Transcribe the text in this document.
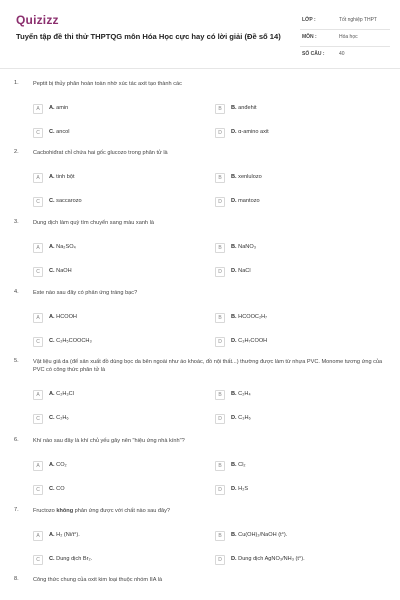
Quizizz
Tuyển tập đề thi thử THPTQG môn Hóa Học cực hay có lời giải (Đề số 14)
LỚP :	Tốt nghiệp THPT
MÔN :	Hóa học
SỐ CÂU :	40
1.	Peptit bị thủy phân hoàn toàn nhờ xúc tác axit tạo thành các
A	A. amin	B	B. anđehit
C	C. ancol	D	D. α-amino axit
2.	Cacbohiđrat chỉ chứa hai gốc glucozo trong phân tử là
A	A. tinh bột	B	B. xenlulozo
C	C. saccarozo	D	D. mantozo
3.	Dung dịch làm quỳ tím chuyển sang màu xanh là
A	A. Na₂SO₄	B	B. NaNO₃
C	C. NaOH	D	D. NaCl
4.	Este nào sau đây có phản ứng tráng bạc?
A	A. HCOOH	B	B. HCOOC₂H₇
C	C. C₂H₅COOCH₃	D	D. C₃H₇COOH
5.	Vật liệu giả da (để sản xuất đồ dùng bọc da bên ngoài như áo khoác, đồ nội thất...) thường được làm từ nhựa PVC. Monome tương ứng của PVC có công thức phân tử là
A	A. C₂H₃Cl	B	B. C₂H₄
C	C. C₂H₆	D	D. C₃H₆
6.	Khí nào sau đây là khí chủ yếu gây nên "hiệu ứng nhà kính"?
A	A. CO₂	B	B. Cl₂
C	C. CO	D	D. H₂S
7.	Fructozo không phản ứng được với chất nào sau đây?
A	A. H₂ (Ni/t°).	B	B. Cu(OH)₂/NaOH (t°).
C	C. Dung dịch Br₂.	D	D. Dung dịch AgNO₃/NH₃ (t°).
8.	Công thức chung của oxit kim loại thuộc nhóm IIA là
